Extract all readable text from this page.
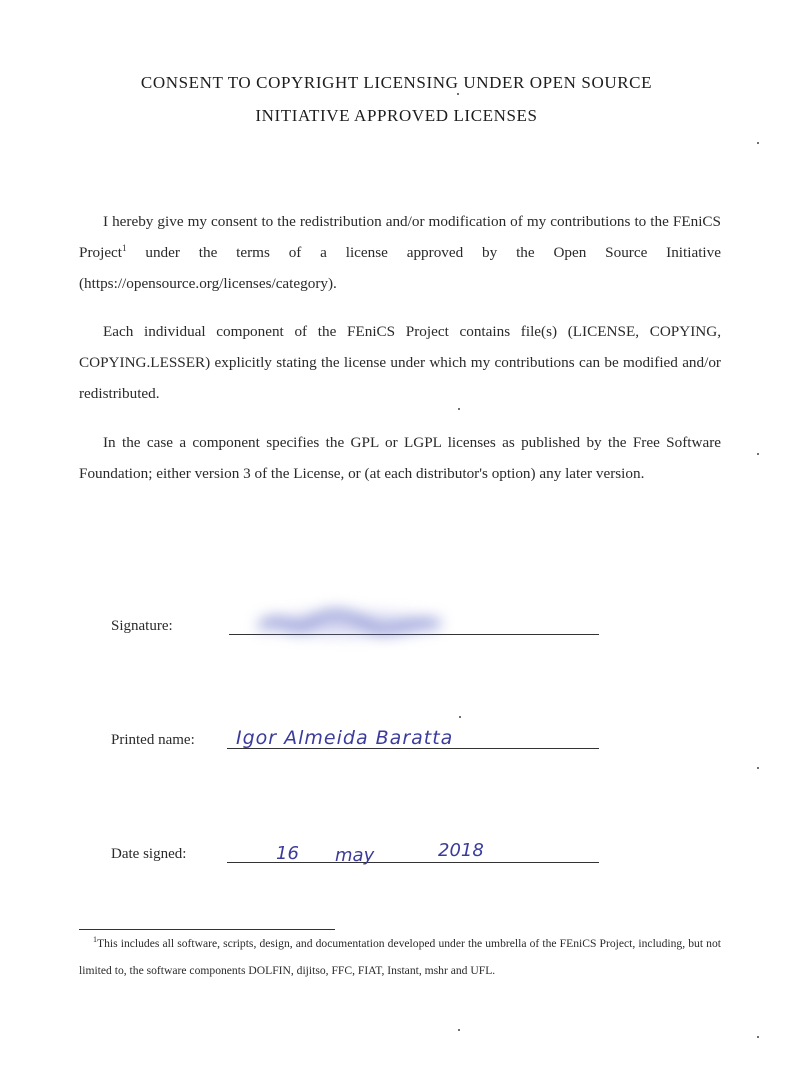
CONSENT TO COPYRIGHT LICENSING UNDER OPEN SOURCE
INITIATIVE APPROVED LICENSES

I hereby give my consent to the redistribution and/or modification of my contributions to the FEniCS Project$^1$ under the terms of a license approved by the Open Source Initiative (https://opensource.org/licenses/category).

Each individual component of the FEniCS Project contains file(s) (LICENSE, COPYING, COPYING.LESSER) explicitly stating the license under which my contributions can be modified and/or redistributed.

In the case a component specifies the GPL or LGPL licenses as published by the Free Software Foundation; either version 3 of the License, or (at each distributor's option) any later version.

Signature:
Printed name: Igor Almeida Baratta
Date signed:	16 may	2018
$^1$This includes all software, scripts, design, and documentation developed under the umbrella of the FEniCS Project, including, but not limited to, the software components DOLFIN, dijitso, FFC, FIAT, Instant, mshr and UFL.
